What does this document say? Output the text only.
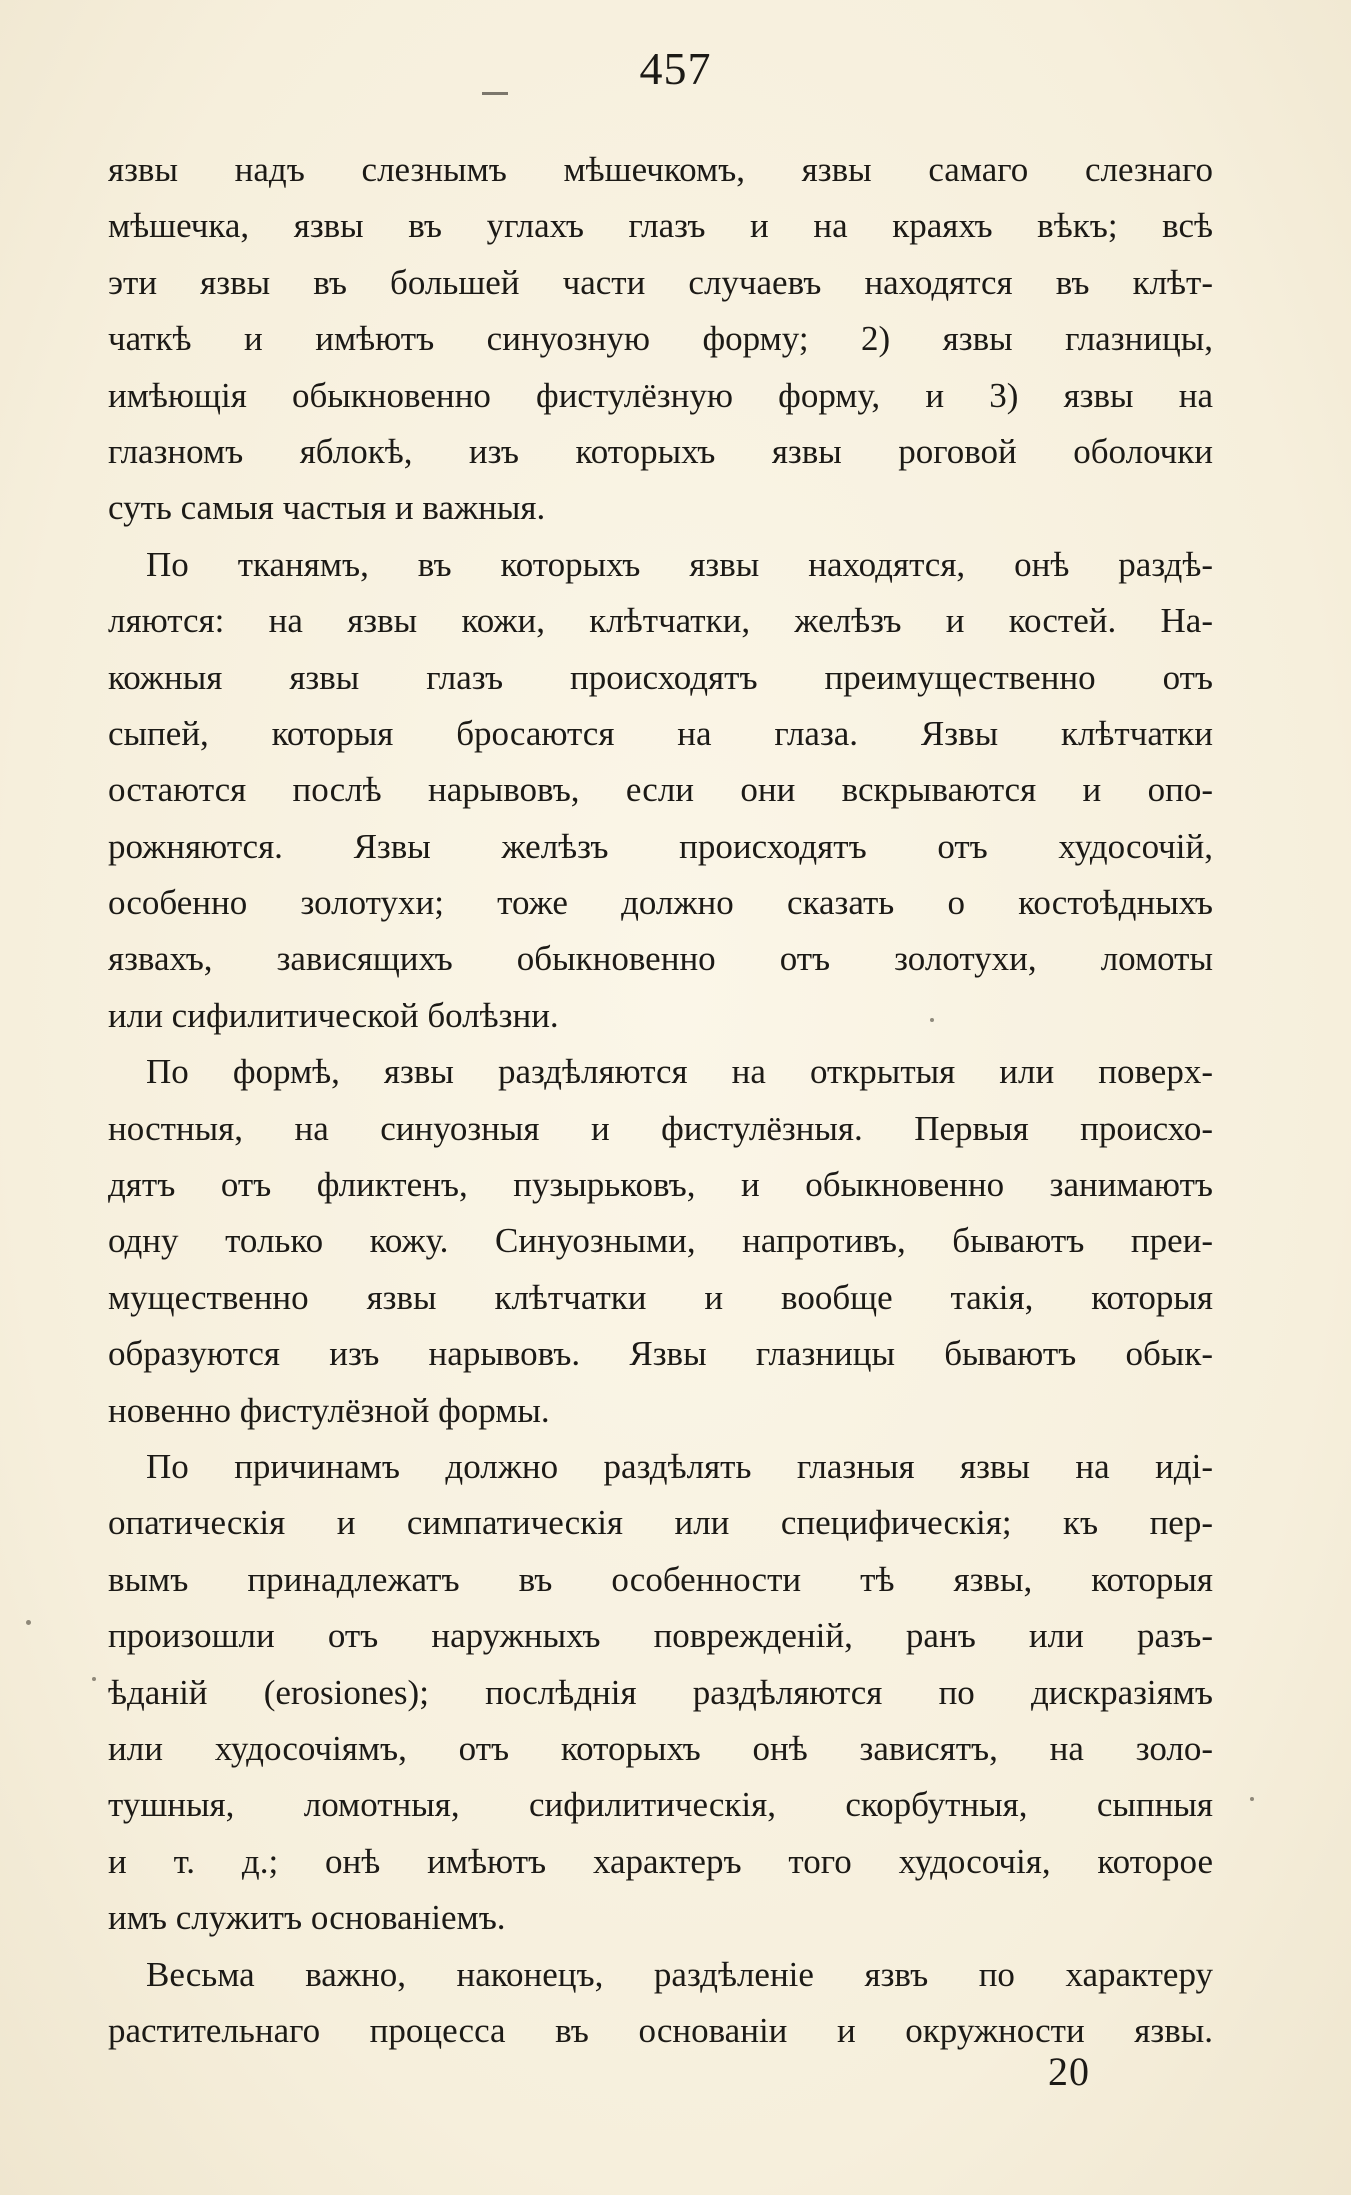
457

язвы надъ слезнымъ мѣшечкомъ, язвы самаго слезнаго

мѣшечка, язвы въ углахъ глазъ и на краяхъ вѣкъ; всѣ

эти язвы въ большей части случаевъ находятся въ клѣт-

чаткѣ и имѣютъ синуозную форму; 2) язвы глазницы,

имѣющія обыкновенно фистулёзную форму, и 3) язвы на

глазномъ яблокѣ, изъ которыхъ язвы роговой оболочки

суть самыя частыя и важныя.

По тканямъ, въ которыхъ язвы находятся, онѣ раздѣ-

ляются: на язвы кожи, клѣтчатки, желѣзъ и костей. На-

кожныя язвы глазъ происходятъ преимущественно отъ

сыпей, которыя бросаются на глаза. Язвы клѣтчатки

остаются послѣ нарывовъ, если они вскрываются и опо-

рожняются. Язвы желѣзъ происходятъ отъ худосочій,

особенно золотухи; тоже должно сказать о костоѣдныхъ

язвахъ, зависящихъ обыкновенно отъ золотухи, ломоты

или сифилитической болѣзни.

По формѣ, язвы раздѣляются на открытыя или поверх-

ностныя, на синуозныя и фистулёзныя. Первыя происхо-

дятъ отъ фликтенъ, пузырьковъ, и обыкновенно занимаютъ

одну только кожу. Синуозными, напротивъ, бываютъ преи-

мущественно язвы клѣтчатки и вообще такія, которыя

образуются изъ нарывовъ. Язвы глазницы бываютъ обык-

новенно фистулёзной формы.

По причинамъ должно раздѣлять глазныя язвы на иді-

опатическія и симпатическія или специфическія; къ пер-

вымъ принадлежатъ въ особенности тѣ язвы, которыя

произошли отъ наружныхъ поврежденій, ранъ или разъ-

ѣданій (erosiones); послѣднія раздѣляются по дискразіямъ

или худосочіямъ, отъ которыхъ онѣ зависятъ, на золо-

тушныя, ломотныя, сифилитическія, скорбутныя, сыпныя

и т. д.; онѣ имѣютъ характеръ того худосочія, которое

имъ служитъ основаніемъ.

Весьма важно, наконецъ, раздѣленіе язвъ по характеру

растительнаго процесса въ основаніи и окружности язвы.

20
